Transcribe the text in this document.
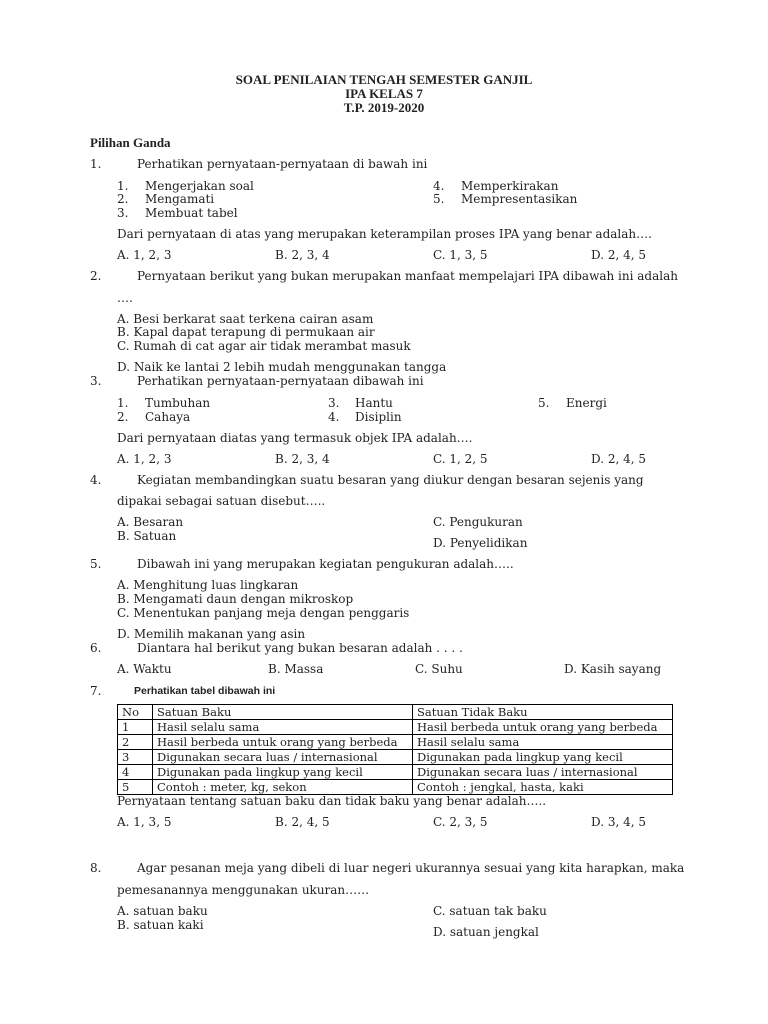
SOAL PENILAIAN TENGAH SEMESTER GANJIL
IPA KELAS 7
T.P. 2019-2020
Pilihan Ganda
1.	Perhatikan pernyataan-pernyataan di bawah ini
1. Mengerjakan soal
2. Mengamati
3. Membuat tabel
4. Memperkirakan
5. Mempresentasikan
Dari pernyataan di atas yang merupakan keterampilan proses IPA yang benar adalah….
A. 1, 2, 3	B. 2, 3, 4	C. 1, 3, 5	D. 2, 4, 5
2.	Pernyataan berikut yang bukan merupakan manfaat mempelajari IPA dibawah ini adalah
….
A. Besi berkarat saat terkena cairan asam
B. Kapal dapat terapung di permukaan air
C. Rumah di cat agar air tidak merambat masuk
D. Naik ke lantai 2 lebih mudah menggunakan tangga
3.	Perhatikan pernyataan-pernyataan dibawah ini
1. Tumbuhan
2. Cahaya
3. Hantu
4. Disiplin
5. Energi
Dari pernyataan diatas yang termasuk objek IPA adalah….
A. 1, 2, 3	B. 2, 3, 4	C. 1, 2, 5	D. 2, 4, 5
4.	Kegiatan membandingkan suatu besaran yang diukur dengan besaran sejenis yang
dipakai sebagai satuan disebut…..
A. Besaran
B. Satuan
C. Pengukuran
D. Penyelidikan
5.	Dibawah ini yang merupakan kegiatan pengukuran adalah…..
A. Menghitung luas lingkaran
B. Mengamati daun dengan mikroskop
C. Menentukan panjang meja dengan penggaris
D. Memilih makanan yang asin
6.	Diantara hal berikut yang bukan besaran adalah . . . .
A. Waktu	B. Massa	C. Suhu	D. Kasih sayang
7.	Perhatikan tabel dibawah ini
No	Satuan Baku	Satuan Tidak Baku
1	Hasil selalu sama	Hasil berbeda untuk orang yang berbeda
2	Hasil berbeda untuk orang yang berbeda	Hasil selalu sama
3	Digunakan secara luas / internasional	Digunakan pada lingkup yang kecil
4	Digunakan pada lingkup yang kecil	Digunakan secara luas / internasional
5	Contoh : meter, kg, sekon	Contoh : jengkal, hasta, kaki
Pernyataan tentang satuan baku dan tidak baku yang benar adalah…..
A. 1, 3, 5	B. 2, 4, 5	C. 2, 3, 5	D. 3, 4, 5
8.	Agar pesanan meja yang dibeli di luar negeri ukurannya sesuai yang kita harapkan, maka
pemesanannya menggunakan ukuran……
A. satuan baku
B. satuan kaki
C. satuan tak baku
D. satuan jengkal
